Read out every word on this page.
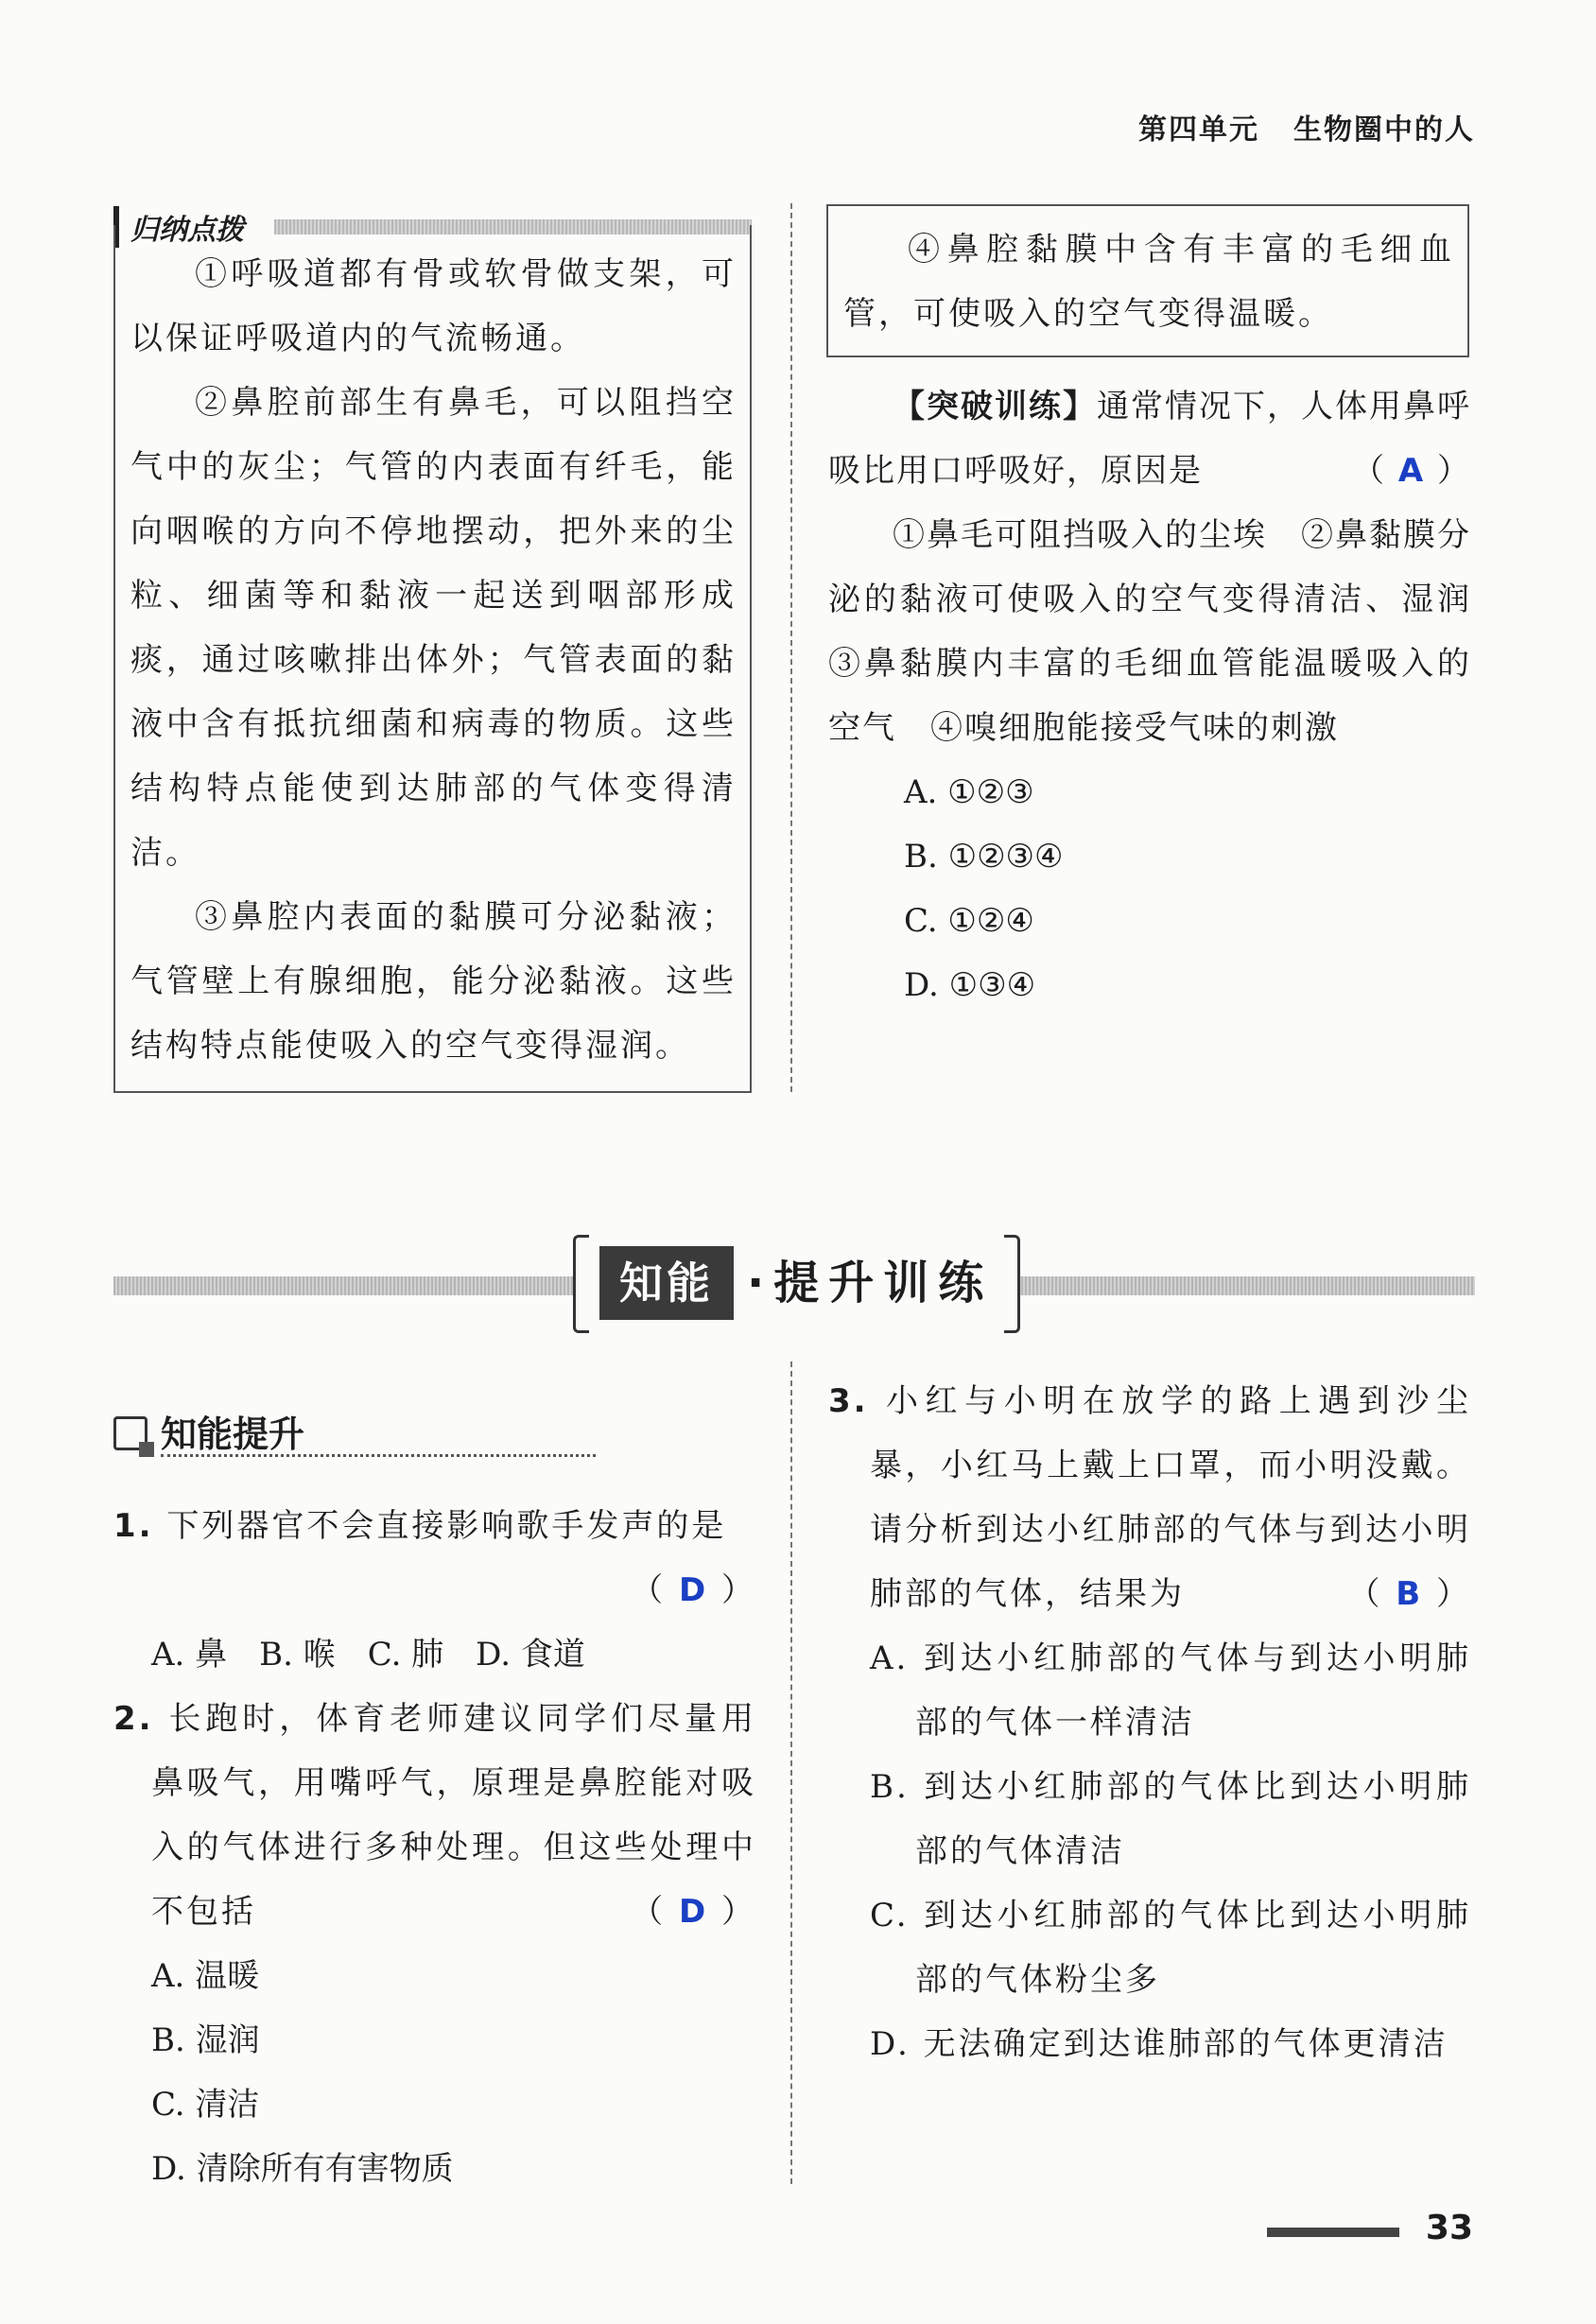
第四单元 生物圈中的人
归纳点拨
①呼吸道都有骨或软骨做支架，可以保证呼吸道内的气流畅通。
②鼻腔前部生有鼻毛，可以阻挡空气中的灰尘；气管的内表面有纤毛，能向咽喉的方向不停地摆动，把外来的尘粒、细菌等和黏液一起送到咽部形成痰，通过咳嗽排出体外；气管表面的黏液中含有抵抗细菌和病毒的物质。这些结构特点能使到达肺部的气体变得清洁。
③鼻腔内表面的黏膜可分泌黏液；气管壁上有腺细胞，能分泌黏液。这些结构特点能使吸入的空气变得湿润。
④鼻腔黏膜中含有丰富的毛细血管，可使吸入的空气变得温暖。
【突破训练】通常情况下，人体用鼻呼吸比用口呼吸好，原因是	（ A ）
①鼻毛可阻挡吸入的尘埃　②鼻黏膜分泌的黏液可使吸入的空气变得清洁、湿润　③鼻黏膜内丰富的毛细血管能温暖吸入的空气　④嗅细胞能接受气味的刺激
A. ①②③
B. ①②③④
C. ①②④
D. ①③④
知能 ·提升训练
知能提升
1. 下列器官不会直接影响歌手发声的是
（ D ）
A. 鼻　B. 喉　C. 肺　D. 食道
2. 长跑时，体育老师建议同学们尽量用鼻吸气，用嘴呼气，原理是鼻腔能对吸入的气体进行多种处理。但这些处理中不包括	（ D ）
A. 温暖
B. 湿润
C. 清洁
D. 清除所有有害物质
3. 小红与小明在放学的路上遇到沙尘暴，小红马上戴上口罩，而小明没戴。请分析到达小红肺部的气体与到达小明肺部的气体，结果为	（ B ）
A. 到达小红肺部的气体与到达小明肺部的气体一样清洁
B. 到达小红肺部的气体比到达小明肺部的气体清洁
C. 到达小红肺部的气体比到达小明肺部的气体粉尘多
D. 无法确定到达谁肺部的气体更清洁
33
